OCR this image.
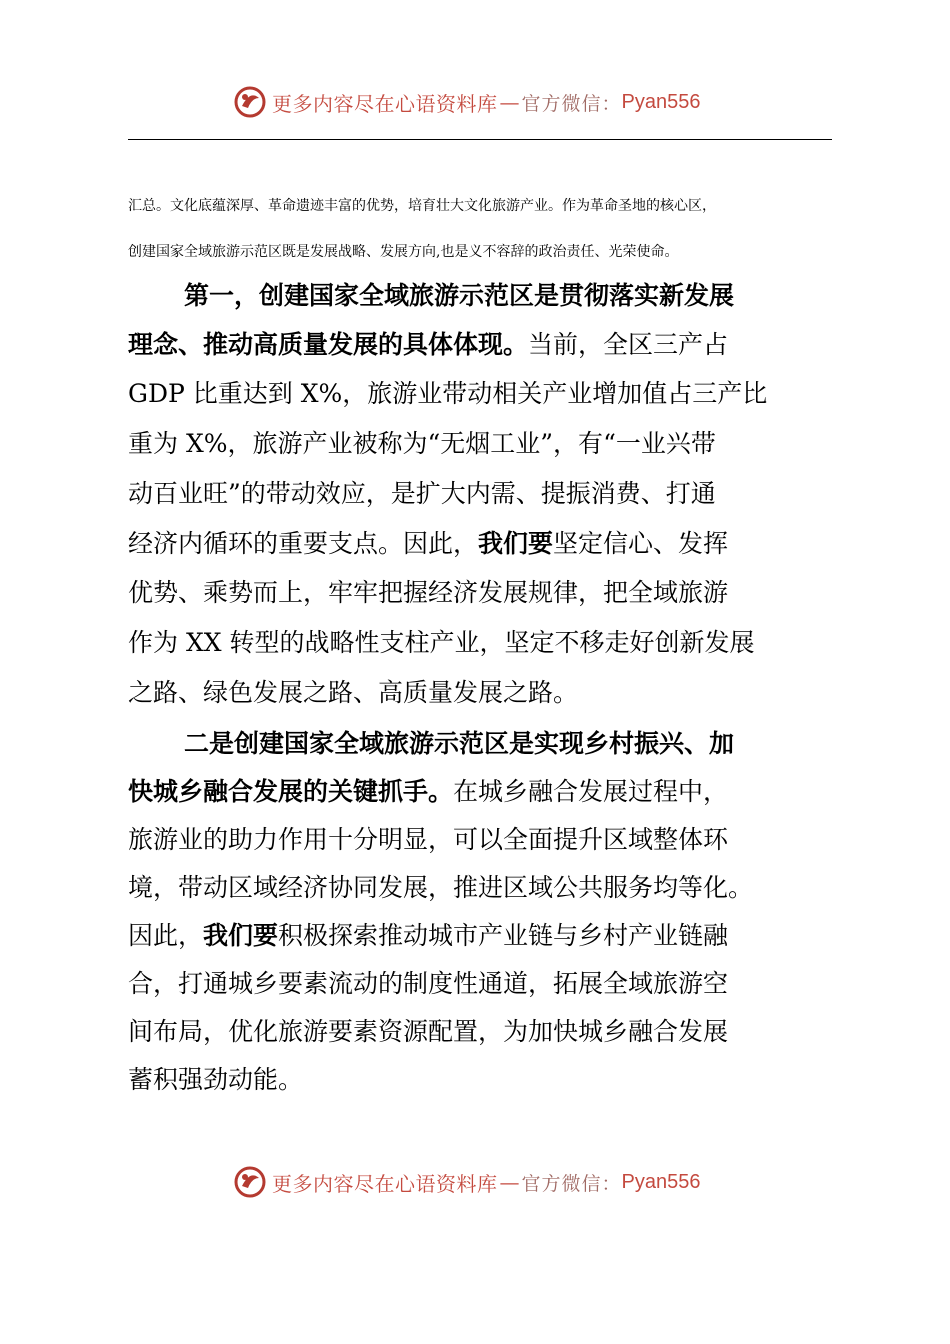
更多内容尽在心语资料库 — 官方微信： Pyan556
汇总。文化底蕴深厚、革命遗迹丰富的优势，培育壮大文化旅游产业。作为革命圣地的核心区，
创建国家全域旅游示范区既是发展战略、发展方向,也是义不容辞的政治责任、光荣使命。
第一，创建国家全域旅游示范区是贯彻落实新发展
理念、推动高质量发展的具体体现。当前，全区三产占
GDP 比重达到 X%，旅游业带动相关产业增加值占三产比
重为 X%，旅游产业被称为“无烟工业”，有“一业兴带
动百业旺”的带动效应，是扩大内需、提振消费、打通
经济内循环的重要支点。因此，我们要坚定信心、发挥
优势、乘势而上，牢牢把握经济发展规律，把全域旅游
作为 XX 转型的战略性支柱产业，坚定不移走好创新发展
之路、绿色发展之路、高质量发展之路。
二是创建国家全域旅游示范区是实现乡村振兴、加
快城乡融合发展的关键抓手。在城乡融合发展过程中，
旅游业的助力作用十分明显，可以全面提升区域整体环
境，带动区域经济协同发展，推进区域公共服务均等化。
因此，我们要积极探索推动城市产业链与乡村产业链融
合，打通城乡要素流动的制度性通道，拓展全域旅游空
间布局，优化旅游要素资源配置，为加快城乡融合发展
蓄积强劲动能。
更多内容尽在心语资料库 — 官方微信： Pyan556
